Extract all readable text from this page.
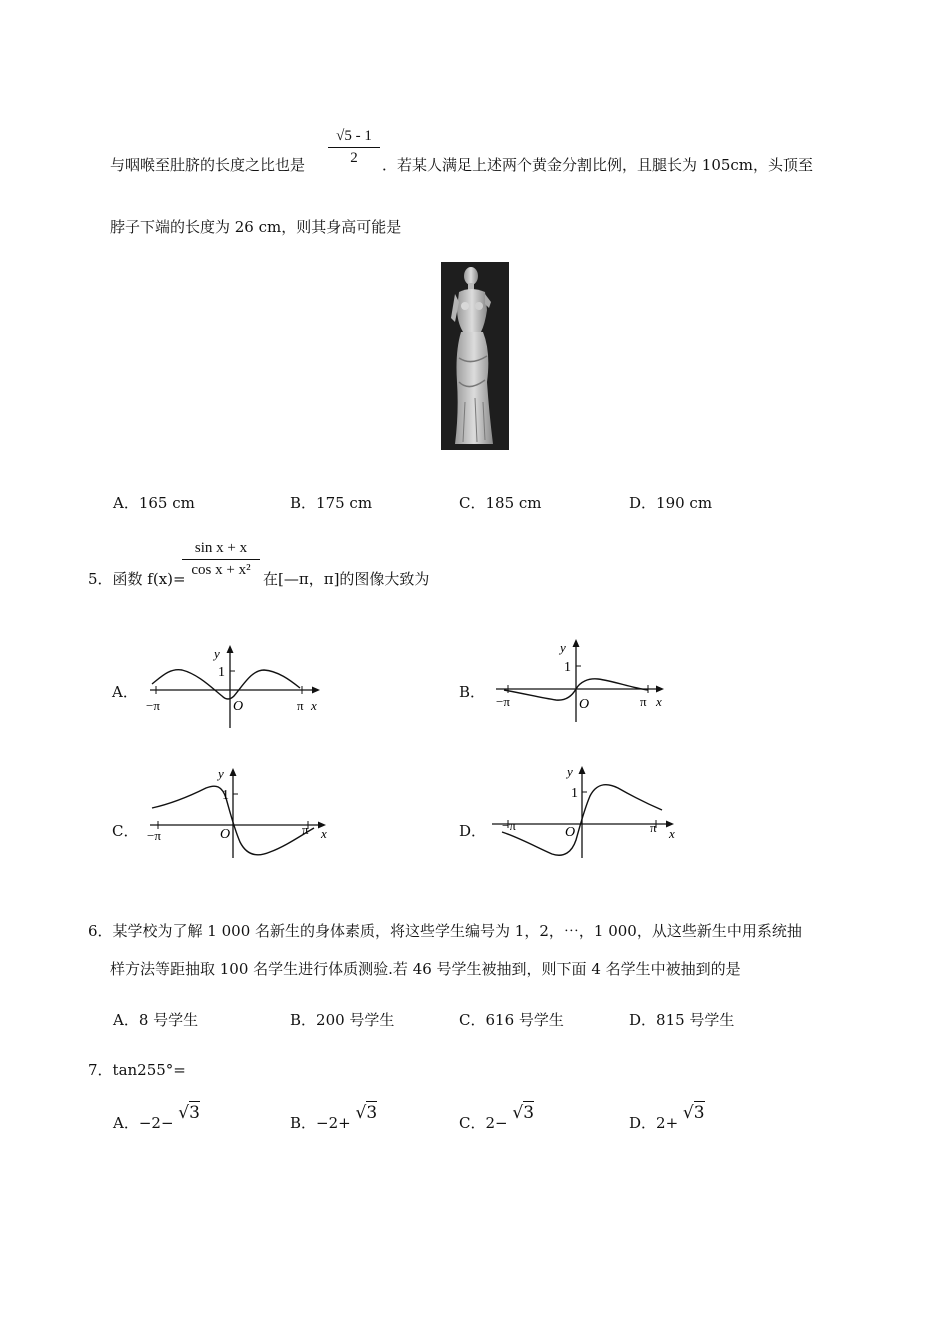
与咽喉至肚脐的长度之比也是 $\frac{√5 - 1}{2}$ ．若某人满足上述两个黄金分割比例，且腿长为 105cm，头顶至
脖子下端的长度为 26 cm，则其身高可能是
A．165 cm	B．175 cm	C．185 cm	D．190 cm
5．函数 f(x)=
$\frac{\text{sin x + x}}{\text{cos x + x²}}$ 在[—π，π]的图像大致为
A．
y
1
O
−π	π x
B．
y
1
O
−π	π x
C．
y
1
O
−π	π x	D．
y
1
O
−π	π x
6．某学校为了解 1 000 名新生的身体素质，将这些学生编号为 1，2，⋯，1 000，从这些新生中用系统抽
样方法等距抽取 100 名学生进行体质测验.若 46 号学生被抽到，则下面 4 名学生中被抽到的是
A．8 号学生	B．200 号学生	C．616 号学生	D．815 号学生
7．tan255°=
A．−2− √3	B．−2+ √3	C．2− √3	D．2+ √3
